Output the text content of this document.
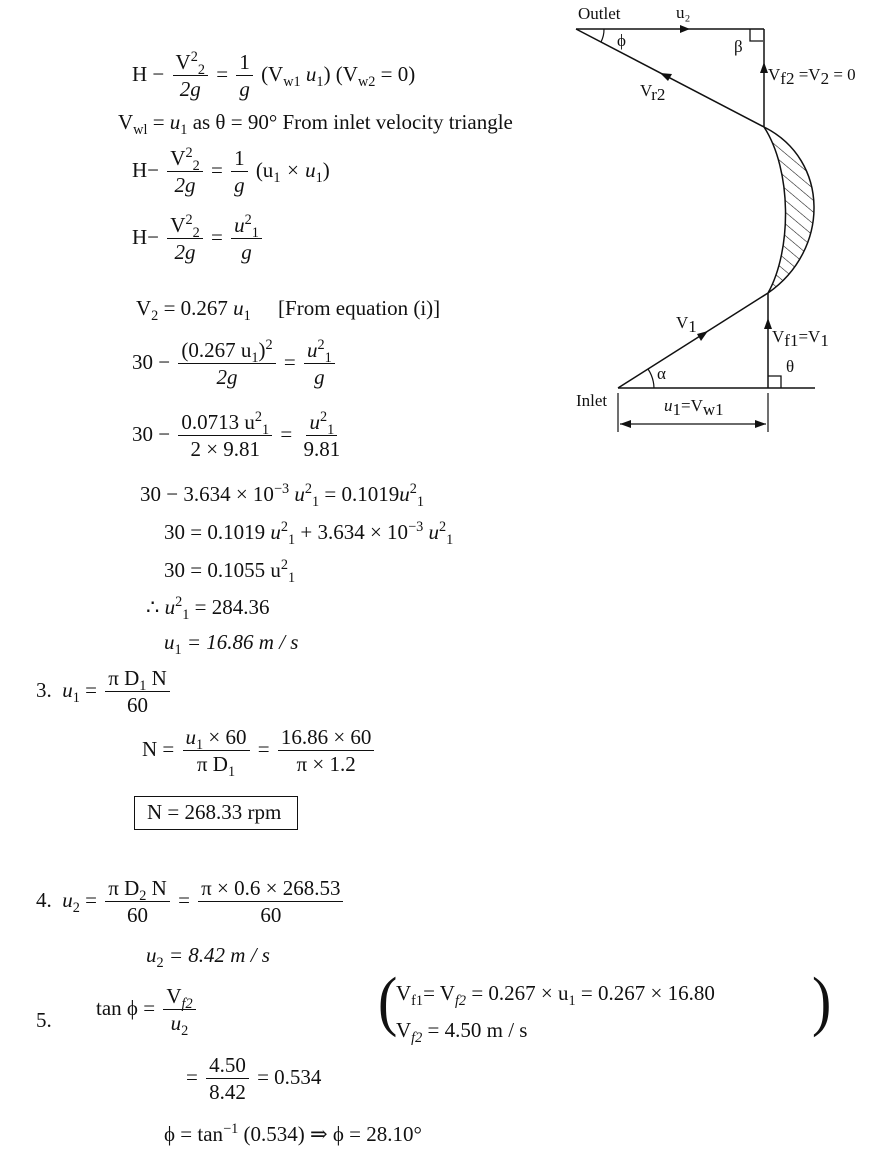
Outlet	u₂
ϕ	β
Vr2
Vf2 =V2 = 0
V1
Vf1=V1
α	θ
Inlet	u1=Vw1
$H - \frac{V^2_2}{2g} = \frac{1}{g} (V_{w1}$ $u_1$) $(V_{w2} = 0)$
$V_{wl} = u_1$ as θ = 90° From inlet velocity triangle
$H- \frac{V^2_2}{2g} = \frac{1}{g} (u_1 \times u_1)$
$H- \frac{V^2_2}{2g} = \frac{u^2_1}{g}$
$V_2 = 0.267$ $u_1$ [From equation (i)]
$30 - \frac{(0.267 u_1)^2}{2g} = \frac{u^2_1}{g}$
$30 - \frac{0.0713 u^2_1}{2 \times 9.81} = \frac{u^2_1}{9.81}$
$30 - 3.634 \times 10^{-3}$ $u^2_1 = 0.1019u^2_1$
30 = 0.1019 $u^2_1 + 3.634 \times 10^{-3}$ $u^2_1$
30 = 0.1055 $u^2_1$
∴ $u^2_1 = 284.36$
$u_1 = 16.86$ m / s
3. $u_1 = \frac{\pi D_1 N}{60}$
$N = \frac{u_1 \times 60}{\pi D_1} = \frac{16.86 \times 60}{\pi \times 1.2}$
N = 268.33 rpm
4. $u_2 = \frac{\pi D_2 N}{60} = \frac{\pi \times 0.6 \times 268.53}{60}$
$u_2 = 8.42$ m / s
5.
$\tan \phi = \frac{V_{f2}}{u_2}$	(	)
$V_{f1}= V_{f2} = 0.267 \times u_1 = 0.267 \times 16.80$
$V_{f2} = 4.50$ m / s
= $\frac{4.50}{8.42} = 0.534$
$\phi = \tan^{-1} (0.534)$ ⇒ ϕ = 28.10°
